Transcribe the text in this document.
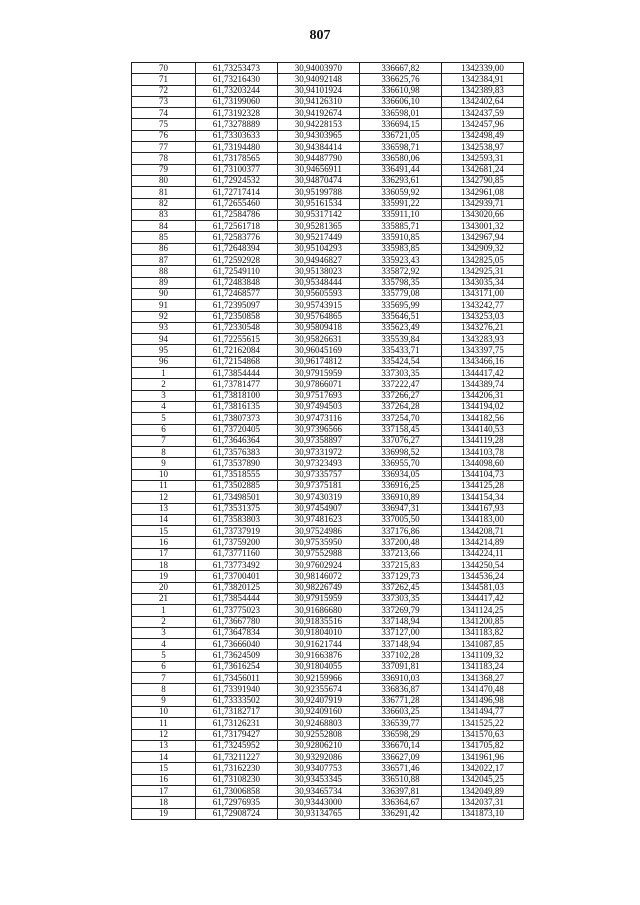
807
70	61,73253473	30,94003970	336667,82	1342339,00
71	61,73216430	30,94092148	336625,76	1342384,91
72	61,73203244	30,94101924	336610,98	1342389,83
73	61,73199060	30,94126310	336606,10	1342402,64
74	61,73192328	30,94192674	336598,01	1342437,59
75	61,73278889	30,94228153	336694,15	1342457,96
76	61,73303633	30,94303965	336721,05	1342498,49
77	61,73194480	30,94384414	336598,71	1342538,97
78	61,73178565	30,94487790	336580,06	1342593,31
79	61,73100377	30,94656911	336491,44	1342681,24
80	61,72924532	30,94870474	336293,61	1342790,85
81	61,72717414	30,95199788	336059,92	1342961,08
82	61,72655460	30,95161534	335991,22	1342939,71
83	61,72584786	30,95317142	335911,10	1343020,66
84	61,72561718	30,95281365	335885,71	1343001,32
85	61,72583776	30,95217449	335910,85	1342967,94
86	61,72648394	30,95104293	335983,85	1342909,32
87	61,72592928	30,94946827	335923,43	1342825,05
88	61,72549110	30,95138023	335872,92	1342925,31
89	61,72483848	30,95348444	335798,35	1343035,34
90	61,72468577	30,95605593	335779,08	1343171,00
91	61,72395097	30,95743915	335695,99	1343242,77
92	61,72350858	30,95764865	335646,51	1343253,03
93	61,72330548	30,95809418	335623,49	1343276,21
94	61,72255615	30,95826631	335539,84	1343283,93
95	61,72162084	30,96045169	335433,71	1343397,75
96	61,72154868	30,96174812	335424,54	1343466,16
1	61,73854444	30,97915959	337303,35	1344417,42
2	61,73781477	30,97866071	337222,47	1344389,74
3	61,73818100	30,97517693	337266,27	1344206,31
4	61,73816135	30,97494503	337264,28	1344194,02
5	61,73807373	30,97473116	337254,70	1344182,56
6	61,73720405	30,97396566	337158,45	1344140,53
7	61,73646364	30,97358897	337076,27	1344119,28
8	61,73576383	30,97331972	336998,52	1344103,78
9	61,73537890	30,97323493	336955,70	1344098,60
10	61,73518555	30,97335757	336934,05	1344104,73
11	61,73502885	30,97375181	336916,25	1344125,28
12	61,73498501	30,97430319	336910,89	1344154,34
13	61,73531375	30,97454907	336947,31	1344167,93
14	61,73583803	30,97481623	337005,50	1344183,00
15	61,73737919	30,97524986	337176,86	1344208,71
16	61,73759200	30,97535950	337200,48	1344214,89
17	61,73771160	30,97552988	337213,66	1344224,11
18	61,73773492	30,97602924	337215,83	1344250,54
19	61,73700401	30,98146072	337129,73	1344536,24
20	61,73820125	30,98226749	337262,45	1344581,03
21	61,73854444	30,97915959	337303,35	1344417,42
1	61,73775023	30,91686680	337269,79	1341124,25
2	61,73667780	30,91835516	337148,94	1341200,85
3	61,73647834	30,91804010	337127,00	1341183,82
4	61,73666040	30,91621744	337148,94	1341087,85
5	61,73624509	30,91663876	337102,28	1341109,32
6	61,73616254	30,91804055	337091,81	1341183,24
7	61,73456011	30,92159966	336910,03	1341368,27
8	61,73391940	30,92355674	336836,87	1341470,48
9	61,73333502	30,92407919	336771,28	1341496,98
10	61,73182717	30,92409160	336603,25	1341494,77
11	61,73126231	30,92468803	336539,77	1341525,22
12	61,73179427	30,92552808	336598,29	1341570,63
13	61,73245952	30,92806210	336670,14	1341705,82
14	61,73211227	30,93292086	336627,09	1341961,96
15	61,73162230	30,93407753	336571,46	1342022,17
16	61,73108230	30,93453345	336510,88	1342045,25
17	61,73006858	30,93465734	336397,81	1342049,89
18	61,72976935	30,93443000	336364,67	1342037,31
19	61,72908724	30,93134765	336291,42	1341873,10
